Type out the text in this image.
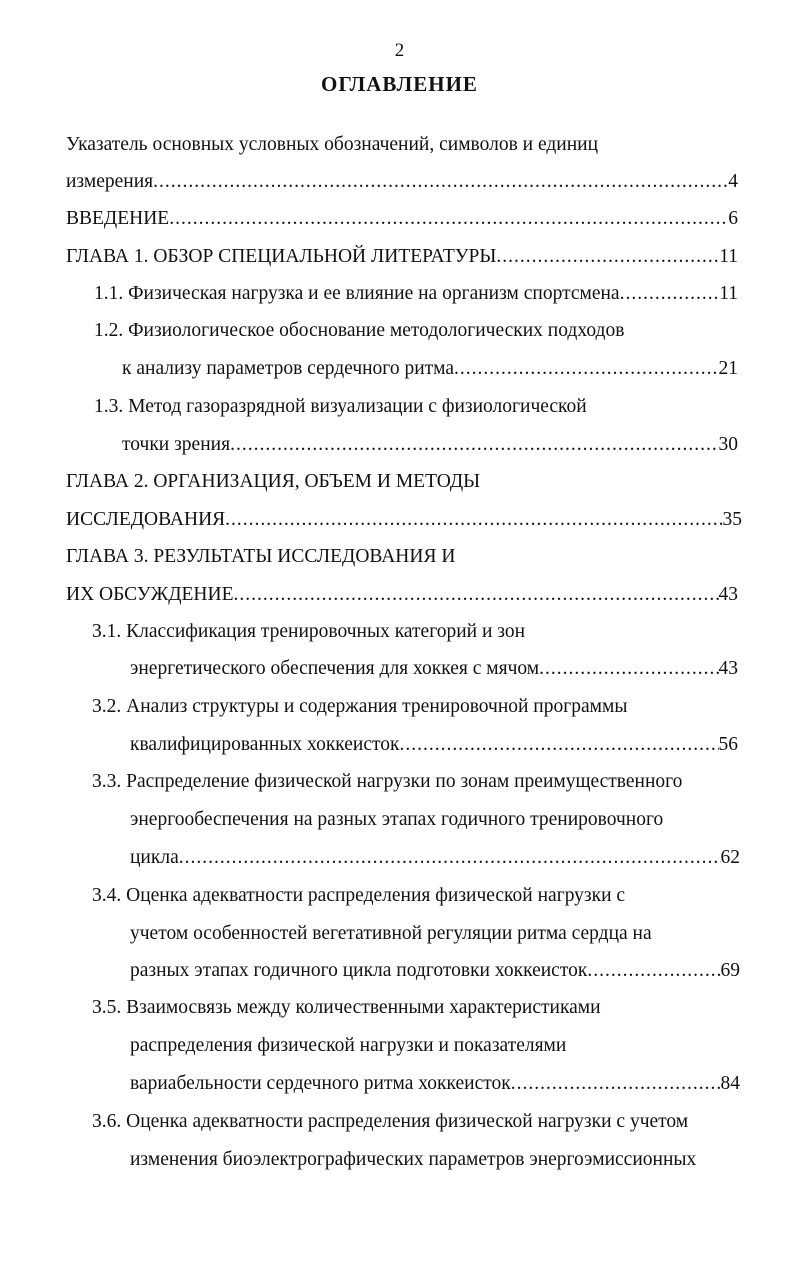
2
ОГЛАВЛЕНИЕ
Указатель основных условных обозначений, символов и единиц
измерения .....	4
ВВЕДЕНИЕ .....	6
ГЛАВА 1. ОБЗОР СПЕЦИАЛЬНОЙ ЛИТЕРАТУРЫ .....	11
1.1. Физическая нагрузка и ее влияние на организм спортсмена .....	11
1.2. Физиологическое обоснование методологических подходов
к анализу параметров сердечного ритма .....	21
1.3. Метод газоразрядной визуализации с физиологической
точки зрения .....	30
ГЛАВА 2. ОРГАНИЗАЦИЯ, ОБЪЕМ И МЕТОДЫ
ИССЛЕДОВАНИЯ .....	35
ГЛАВА 3. РЕЗУЛЬТАТЫ ИССЛЕДОВАНИЯ И
ИХ ОБСУЖДЕНИЕ .....	43
3.1. Классификация тренировочных категорий и зон
энергетического обеспечения для хоккея с мячом .....	43
3.2. Анализ структуры и содержания тренировочной программы
квалифицированных хоккеисток .....	56
3.3. Распределение физической нагрузки по зонам преимущественного
энергообеспечения на разных этапах годичного тренировочного
цикла .....	62
3.4. Оценка адекватности распределения физической нагрузки с
учетом особенностей вегетативной регуляции ритма сердца на
разных этапах годичного цикла подготовки хоккеисток .....	69
3.5. Взаимосвязь между количественными характеристиками
распределения физической нагрузки и показателями
вариабельности сердечного ритма хоккеисток .....	84
3.6. Оценка адекватности распределения физической нагрузки с учетом
изменения биоэлектрографических параметров энергоэмиссионных
